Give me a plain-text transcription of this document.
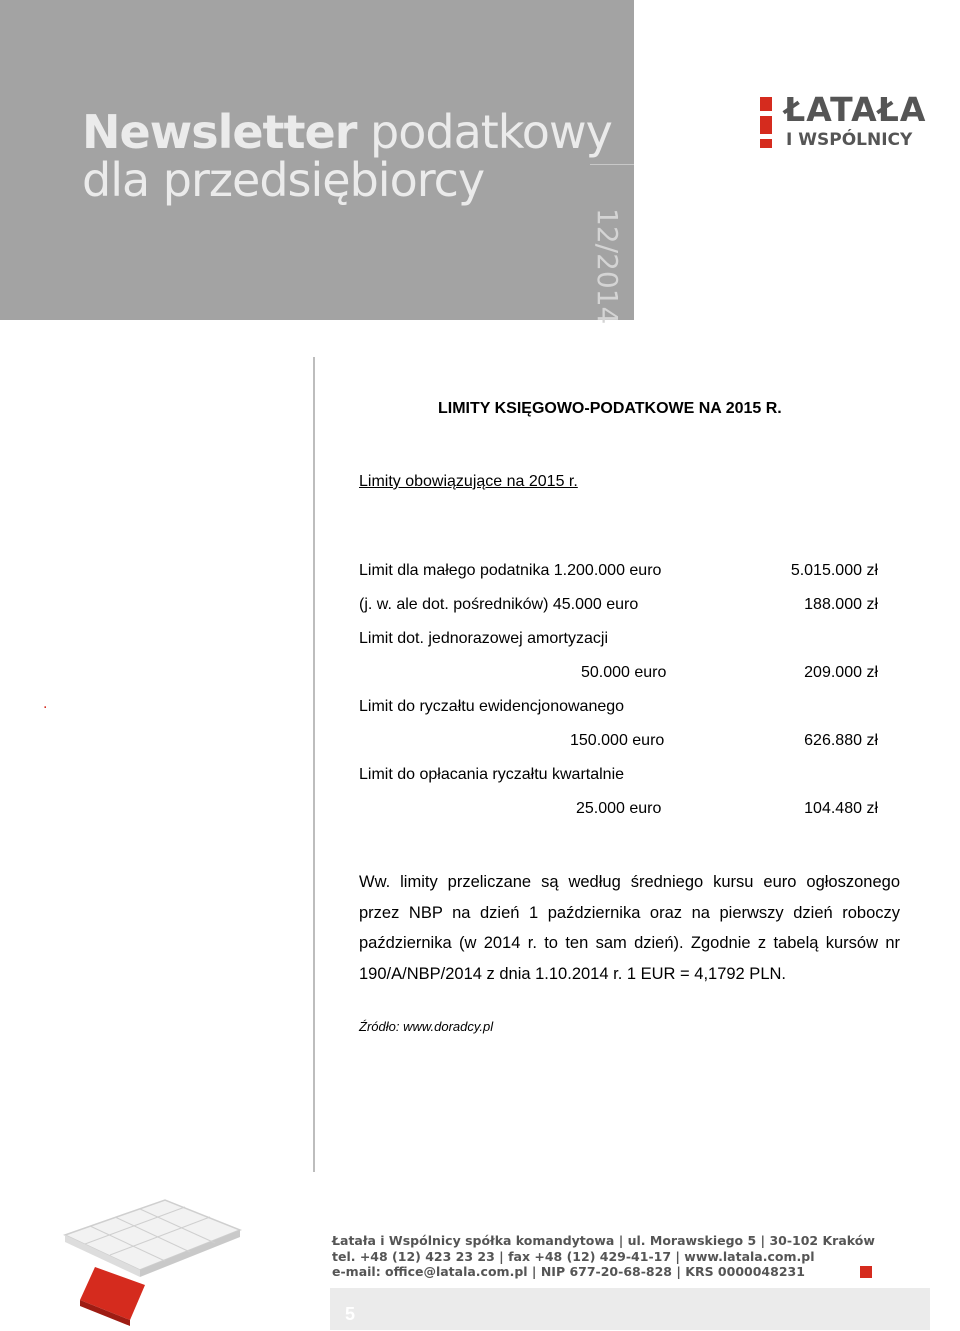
Newsletter podatkowy
dla przedsiębiorcy
12/2014
ŁATAŁA
I WSPÓLNICY
.
LIMITY KSIĘGOWO-PODATKOWE NA 2015 R.
Limity obowiązujące na 2015 r.
Limit dla małego podatnika 1.200.000 euro	5.015.000 zł
(j. w. ale dot. pośredników) 45.000 euro	188.000 zł
Limit dot. jednorazowej amortyzacji
50.000 euro	209.000 zł
Limit do ryczałtu ewidencjonowanego
150.000 euro	626.880 zł
Limit do opłacania ryczałtu kwartalnie
25.000 euro	104.480 zł
Ww. limity przeliczane są według średniego kursu euro ogłoszonego przez NBP na dzień 1 października oraz na pierwszy dzień roboczy października (w 2014 r. to ten sam dzień). Zgodnie z tabelą kursów nr 190/A/NBP/2014 z dnia 1.10.2014 r. 1 EUR = 4,1792 PLN.
Źródło: www.doradcy.pl
Łatała i Wspólnicy spółka komandytowa | ul. Morawskiego 5 | 30-102 Kraków
tel. +48 (12) 423 23 23 | fax +48 (12) 429-41-17 | www.latala.com.pl
e-mail: office@latala.com.pl | NIP 677-20-68-828 | KRS 0000048231
5
